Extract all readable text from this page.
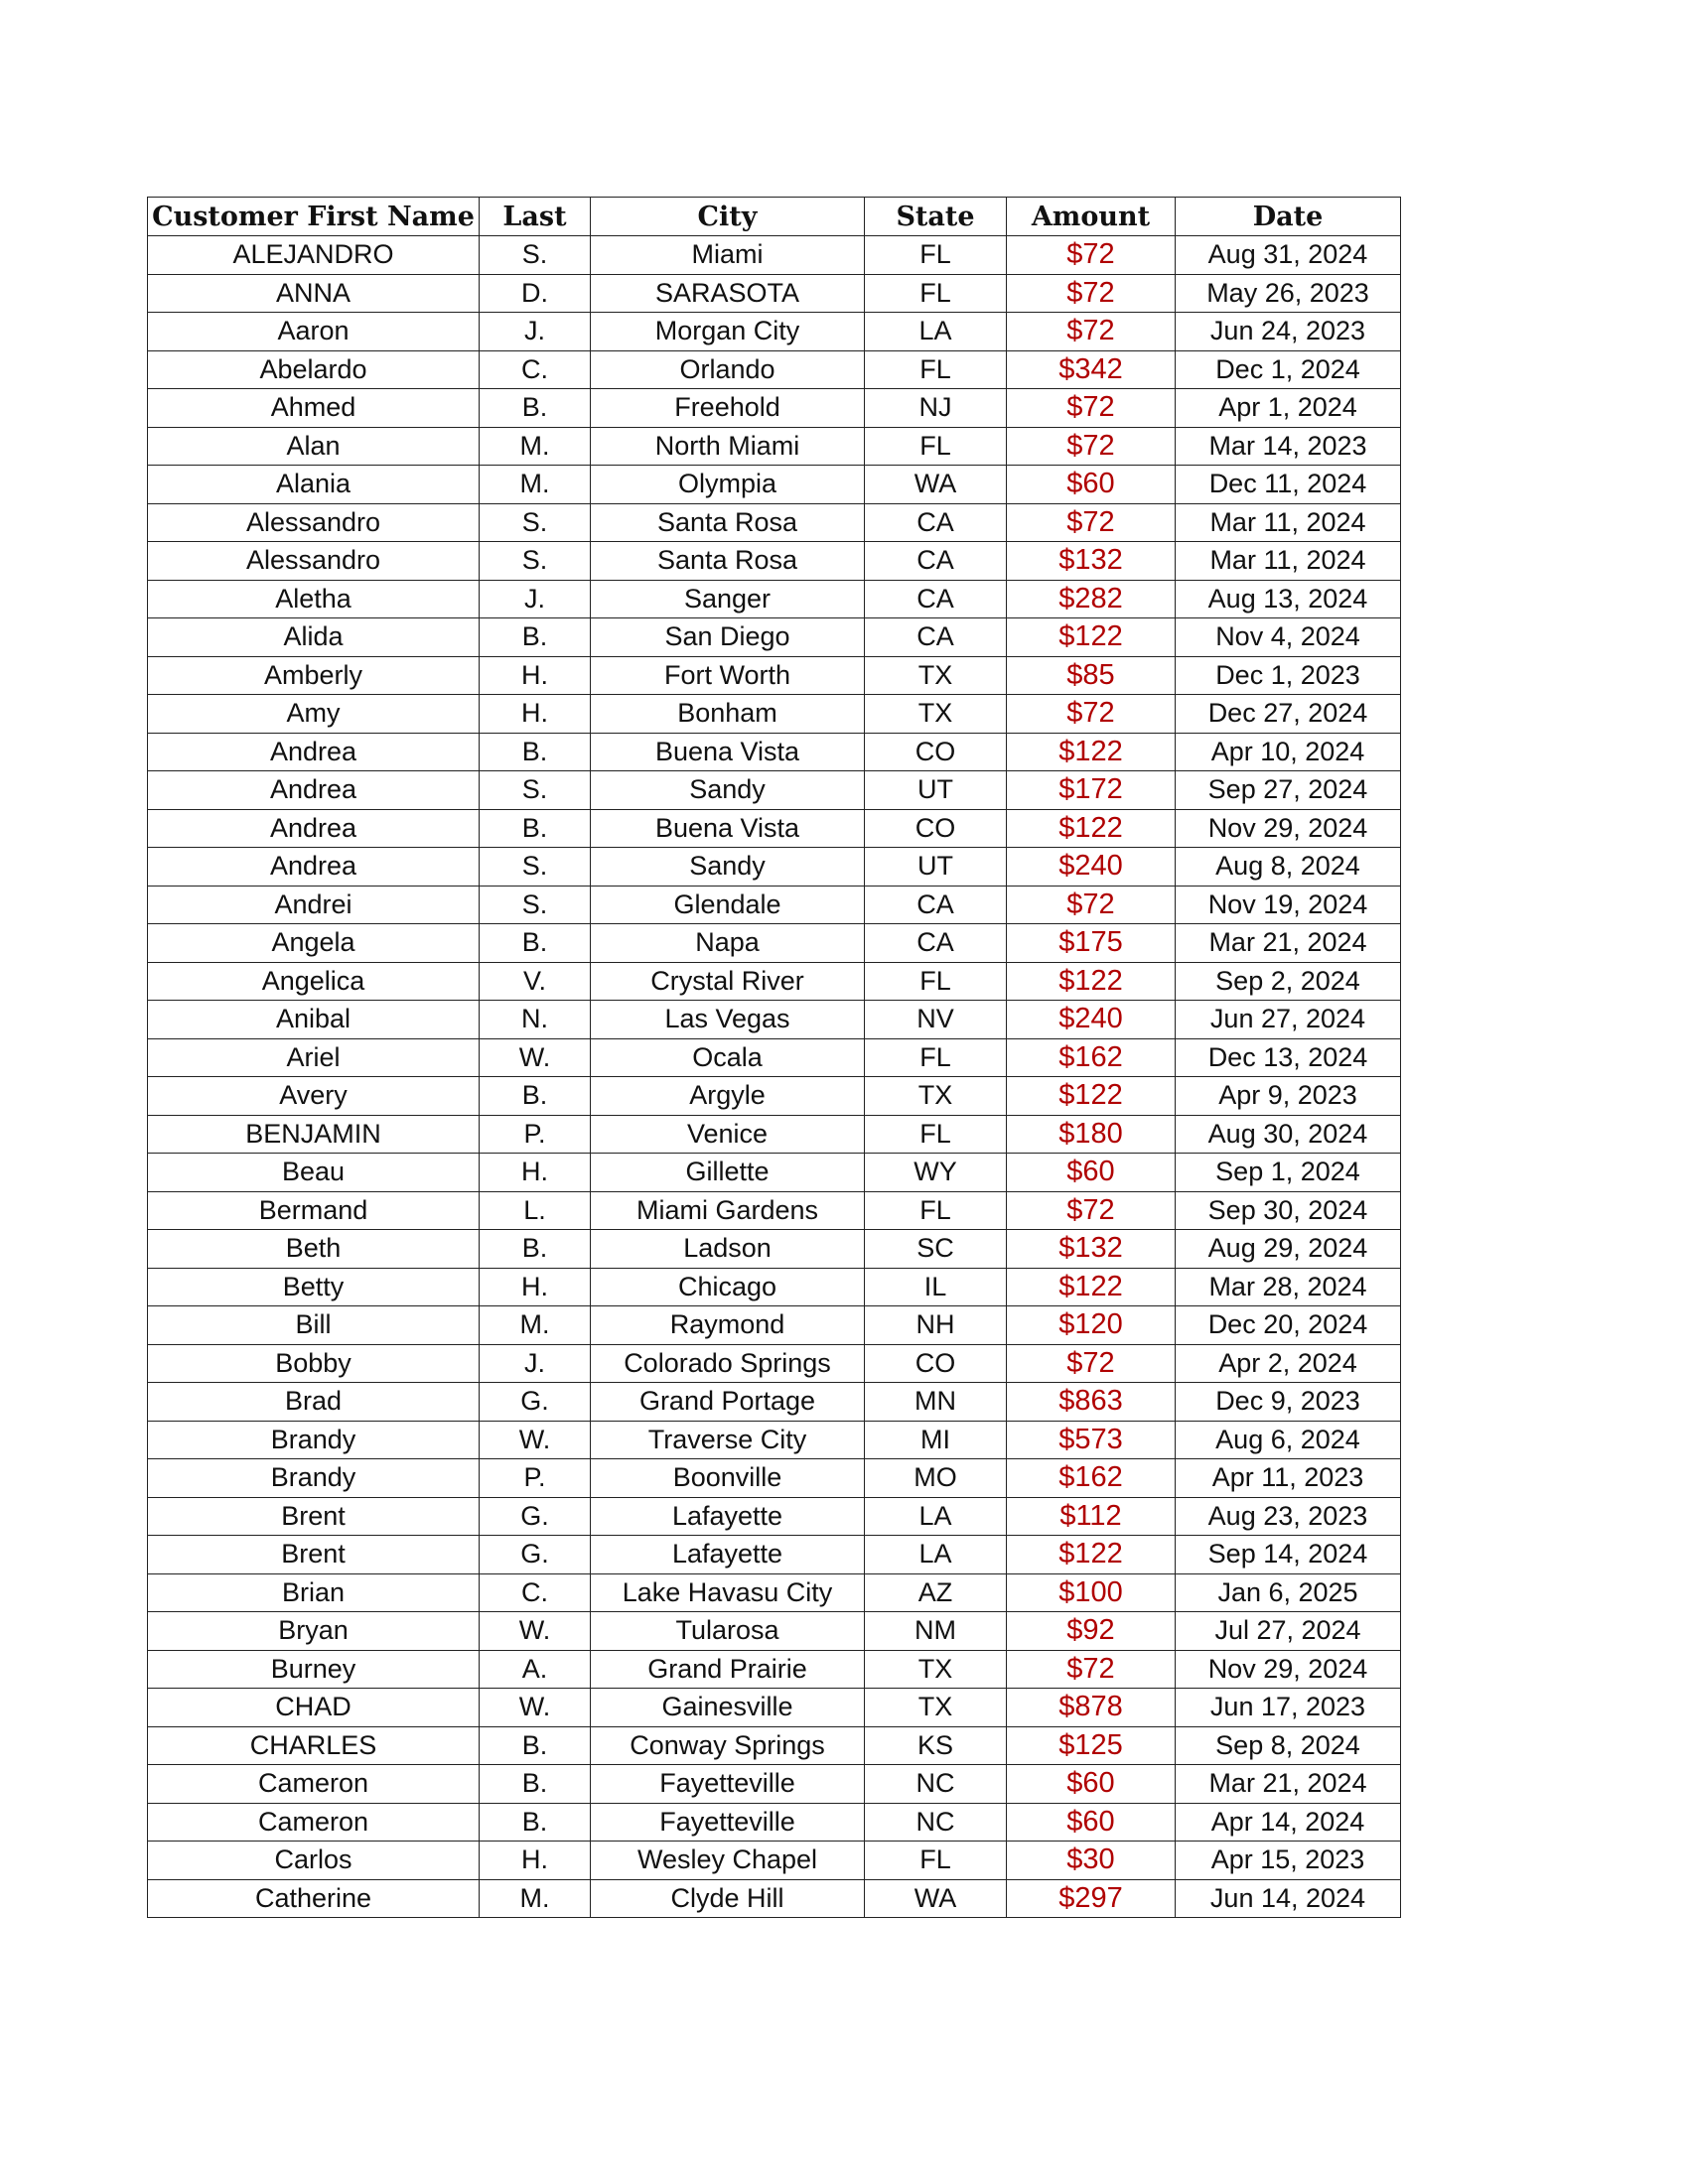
Customer First Name	Last	City	State	Amount	Date
ALEJANDRO	S.	Miami	FL	$72	Aug 31, 2024
ANNA	D.	SARASOTA	FL	$72	May 26, 2023
Aaron	J.	Morgan City	LA	$72	Jun 24, 2023
Abelardo	C.	Orlando	FL	$342	Dec 1, 2024
Ahmed	B.	Freehold	NJ	$72	Apr 1, 2024
Alan	M.	North Miami	FL	$72	Mar 14, 2023
Alania	M.	Olympia	WA	$60	Dec 11, 2024
Alessandro	S.	Santa Rosa	CA	$72	Mar 11, 2024
Alessandro	S.	Santa Rosa	CA	$132	Mar 11, 2024
Aletha	J.	Sanger	CA	$282	Aug 13, 2024
Alida	B.	San Diego	CA	$122	Nov 4, 2024
Amberly	H.	Fort Worth	TX	$85	Dec 1, 2023
Amy	H.	Bonham	TX	$72	Dec 27, 2024
Andrea	B.	Buena Vista	CO	$122	Apr 10, 2024
Andrea	S.	Sandy	UT	$172	Sep 27, 2024
Andrea	B.	Buena Vista	CO	$122	Nov 29, 2024
Andrea	S.	Sandy	UT	$240	Aug 8, 2024
Andrei	S.	Glendale	CA	$72	Nov 19, 2024
Angela	B.	Napa	CA	$175	Mar 21, 2024
Angelica	V.	Crystal River	FL	$122	Sep 2, 2024
Anibal	N.	Las Vegas	NV	$240	Jun 27, 2024
Ariel	W.	Ocala	FL	$162	Dec 13, 2024
Avery	B.	Argyle	TX	$122	Apr 9, 2023
BENJAMIN	P.	Venice	FL	$180	Aug 30, 2024
Beau	H.	Gillette	WY	$60	Sep 1, 2024
Bermand	L.	Miami Gardens	FL	$72	Sep 30, 2024
Beth	B.	Ladson	SC	$132	Aug 29, 2024
Betty	H.	Chicago	IL	$122	Mar 28, 2024
Bill	M.	Raymond	NH	$120	Dec 20, 2024
Bobby	J.	Colorado Springs	CO	$72	Apr 2, 2024
Brad	G.	Grand Portage	MN	$863	Dec 9, 2023
Brandy	W.	Traverse City	MI	$573	Aug 6, 2024
Brandy	P.	Boonville	MO	$162	Apr 11, 2023
Brent	G.	Lafayette	LA	$112	Aug 23, 2023
Brent	G.	Lafayette	LA	$122	Sep 14, 2024
Brian	C.	Lake Havasu City	AZ	$100	Jan 6, 2025
Bryan	W.	Tularosa	NM	$92	Jul 27, 2024
Burney	A.	Grand Prairie	TX	$72	Nov 29, 2024
CHAD	W.	Gainesville	TX	$878	Jun 17, 2023
CHARLES	B.	Conway Springs	KS	$125	Sep 8, 2024
Cameron	B.	Fayetteville	NC	$60	Mar 21, 2024
Cameron	B.	Fayetteville	NC	$60	Apr 14, 2024
Carlos	H.	Wesley Chapel	FL	$30	Apr 15, 2023
Catherine	M.	Clyde Hill	WA	$297	Jun 14, 2024
